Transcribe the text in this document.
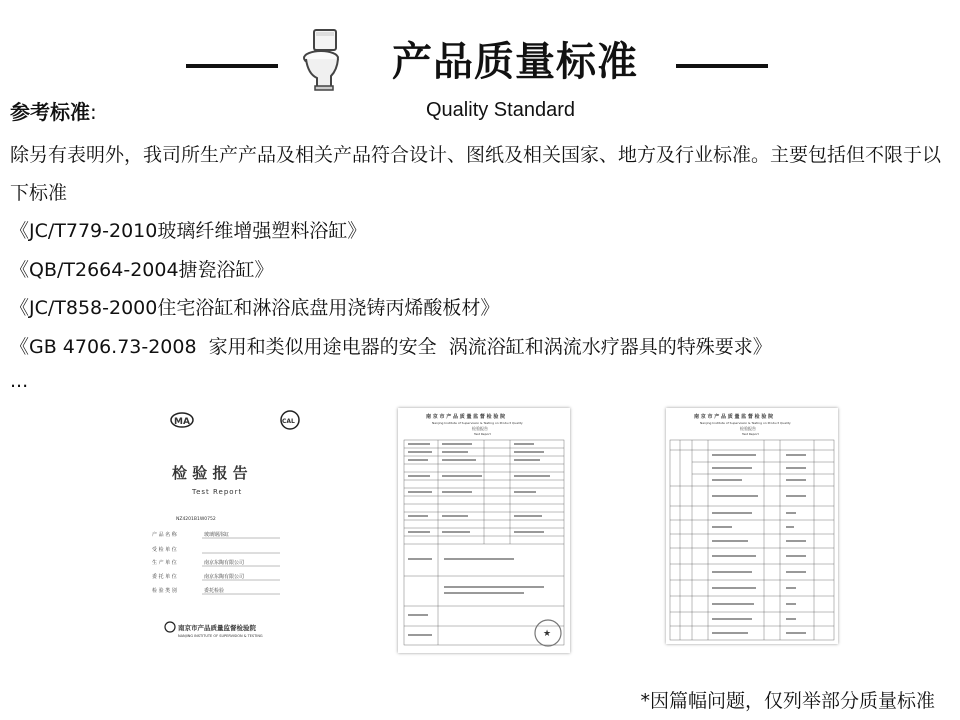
产品质量标准
参考标准:	Quality Standard
除另有表明外，我司所生产产品及相关产品符合设计、图纸及相关国家、地方及行业标准。主要包括但不限于以下标准
《JC/T779-2010玻璃纤维增强塑料浴缸》
《QB/T2664-2004搪瓷浴缸》
《JC/T858-2000住宅浴缸和淋浴底盘用浇铸丙烯酸板材》
《GB 4706.73-2008  家用和类似用途电器的安全  涡流浴缸和涡流水疗器具的特殊要求》
...
MA	CAL
检 验 报 告
Test Report
NZ4201B1W0752
产 品 名 称	玻璃钢浴缸
受 检 单 位
生 产 单 位	南京东陶有限公司
委 托 单 位	南京东陶有限公司
检 验 类 别	委托检验
南京市产品质量监督检验院
NANJING INSTITUTE OF SUPERVISION & TESTING
南 京 市 产 品 质 量 监 督 检 验 院
Nanjing Institute of Supervision & Testing on Product Quality
检验报告
Test Report
★
南 京 市 产 品 质 量 监 督 检 验 院
Nanjing Institute of Supervision & Testing on Product Quality
检验报告
Test Report
*因篇幅问题，仅列举部分质量标准
